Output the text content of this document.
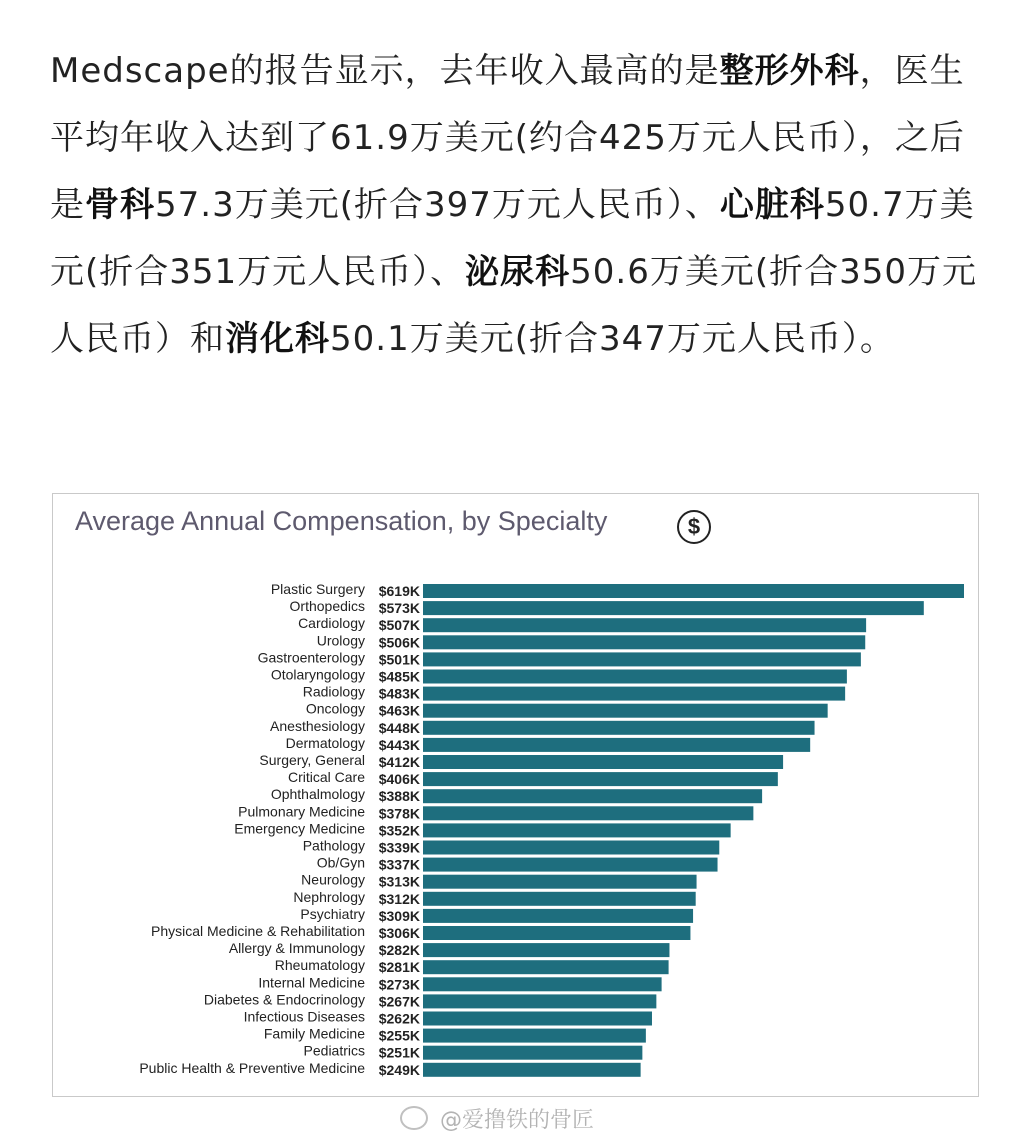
Medscape的报告显示，去年收入最高的是整形外科，医生平均年收入达到了61.9万美元(约合425万元人民币），之后是骨科57.3万美元(折合397万元人民币）、心脏科50.7万美元(折合351万元人民币）、泌尿科50.6万美元(折合350万元人民币）和消化科50.1万美元(折合347万元人民币）。

Average Annual Compensation, by Specialty	$
$619K
Plastic Surgery
$573K
Orthopedics
$507K
Cardiology
$506K
Urology
$501K
Gastroenterology
$485K
Otolaryngology
$483K
Radiology
$463K
Oncology
$448K
Anesthesiology
$443K
Dermatology
$412K
Surgery, General
$406K
Critical Care
$388K
Ophthalmology
$378K
Pulmonary Medicine
$352K
Emergency Medicine
$339K
Pathology
$337K
Ob/Gyn
$313K
Neurology
$312K
Nephrology
$309K
Psychiatry
$306K
Physical Medicine & Rehabilitation
$282K
Allergy & Immunology
$281K
Rheumatology
$273K
Internal Medicine
$267K
Diabetes & Endocrinology
$262K
Infectious Diseases
$255K
Family Medicine
$251K
Pediatrics
$249K
Public Health & Preventive Medicine
@爱撸铁的骨匠
